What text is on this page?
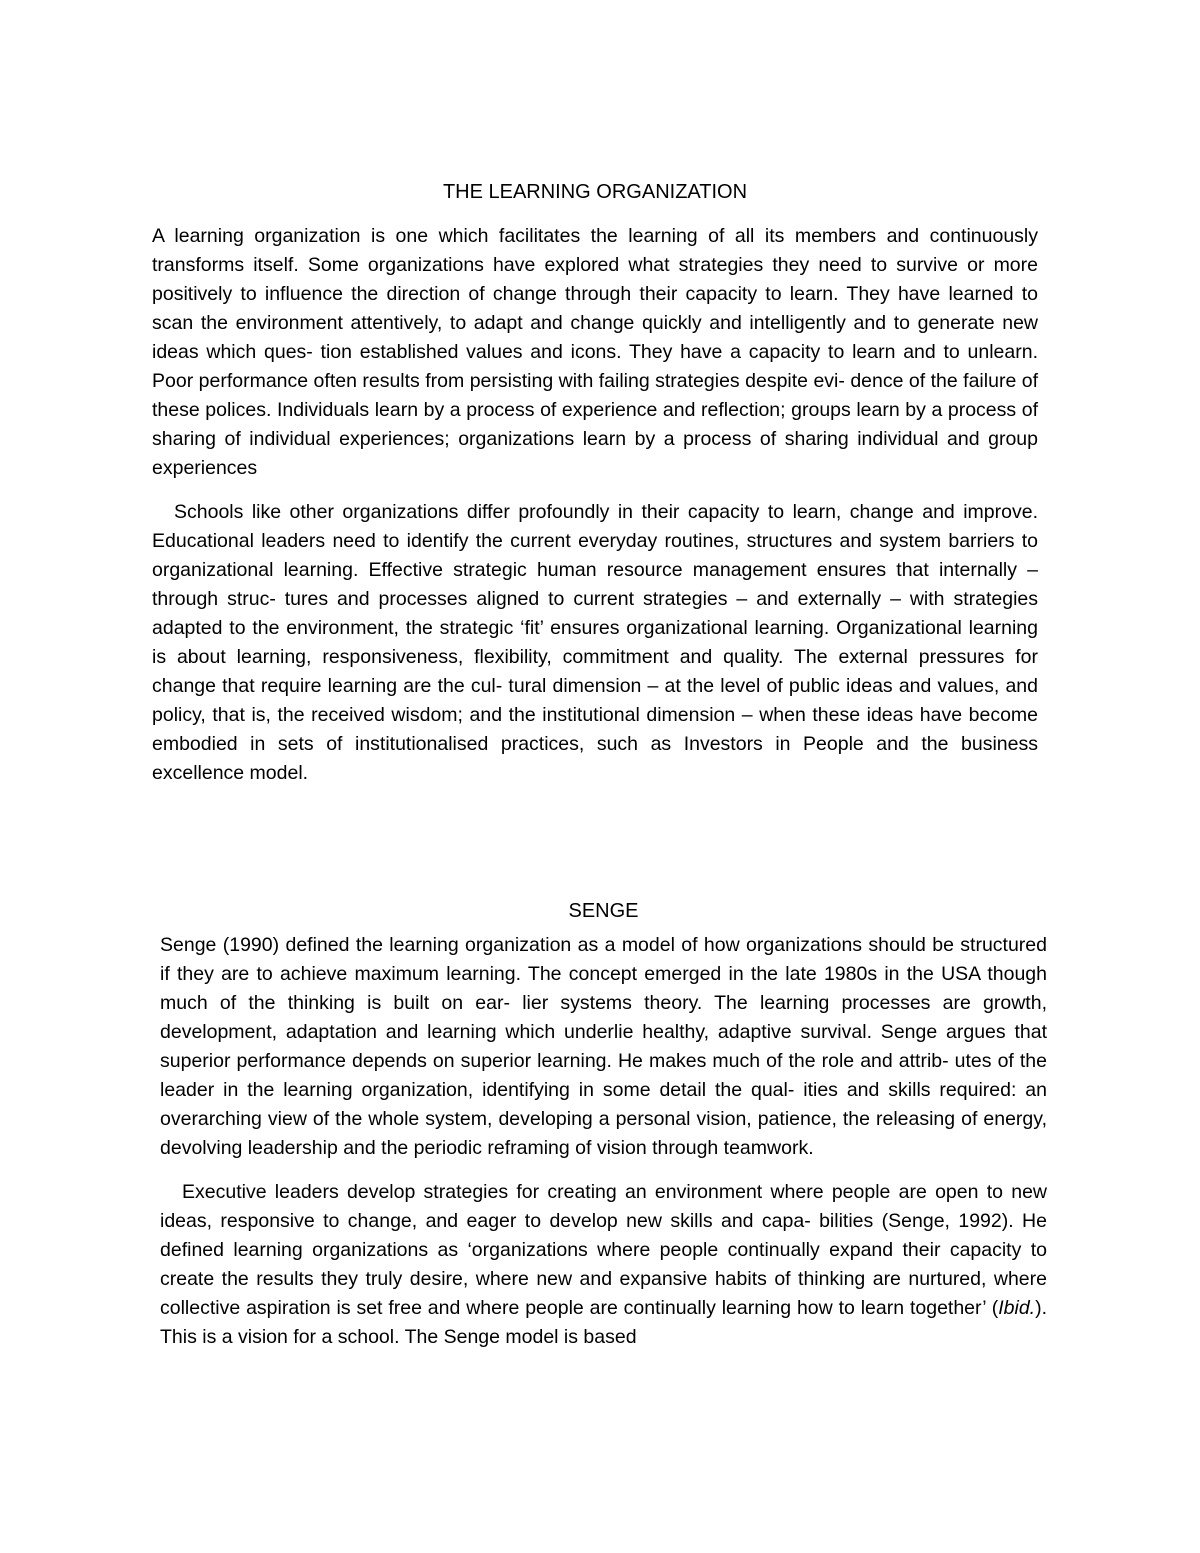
THE LEARNING ORGANIZATION

A learning organization is one which facilitates the learning of all its members and continuously transforms itself. Some organizations have explored what strategies they need to survive or more positively to influence the direction of change through their capacity to learn. They have learned to scan the environment attentively, to adapt and change quickly and intelligently and to generate new ideas which ques- tion established values and icons. They have a capacity to learn and to unlearn. Poor performance often results from persisting with failing strategies despite evi- dence of the failure of these polices. Individuals learn by a process of experience and reflection; groups learn by a process of sharing of individual experiences; organizations learn by a process of sharing individual and group experiences

Schools like other organizations differ profoundly in their capacity to learn, change and improve. Educational leaders need to identify the current everyday routines, structures and system barriers to organizational learning. Effective strategic human resource management ensures that internally – through struc- tures and processes aligned to current strategies – and externally – with strategies adapted to the environment, the strategic ‘fit’ ensures organizational learning. Organizational learning is about learning, responsiveness, flexibility, commitment and quality. The external pressures for change that require learning are the cul- tural dimension – at the level of public ideas and values, and policy, that is, the received wisdom; and the institutional dimension – when these ideas have become embodied in sets of institutionalised practices, such as Investors in People and the business excellence model.

SENGE

Senge (1990) defined the learning organization as a model of how organizations should be structured if they are to achieve maximum learning. The concept emerged in the late 1980s in the USA though much of the thinking is built on ear- lier systems theory. The learning processes are growth, development, adaptation and learning which underlie healthy, adaptive survival. Senge argues that superior performance depends on superior learning. He makes much of the role and attrib- utes of the leader in the learning organization, identifying in some detail the qual- ities and skills required: an overarching view of the whole system, developing a personal vision, patience, the releasing of energy, devolving leadership and the periodic reframing of vision through teamwork.

Executive leaders develop strategies for creating an environment where people are open to new ideas, responsive to change, and eager to develop new skills and capa- bilities (Senge, 1992). He defined learning organizations as ‘organizations where people continually expand their capacity to create the results they truly desire, where new and expansive habits of thinking are nurtured, where collective aspiration is set free and where people are continually learning how to learn together’ (Ibid.). This is a vision for a school. The Senge model is based
